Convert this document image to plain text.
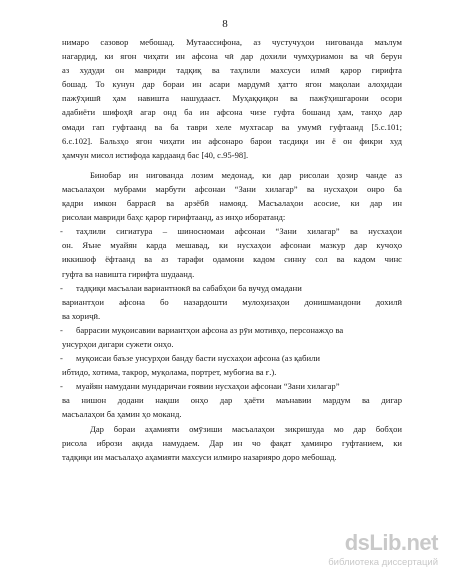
8
нимаро сазовор мебошад. Мутаассифона, аз чустучуҳои нигованда маълум
нагардид, ки ягон чиҳати ин афсона чӣ дар дохили чумҳуриамон ва чӣ берун
аз худуди он мавриди тадқиқ ва таҳлили махсуси илмӣ қарор гирифта
бошад. То кунун дар бораи ин асари мардумӣ ҳатто ягон мақолаи алоҳидаи
пажӯҳишӣ ҳам навишта нашудааст. Муҳаққиқон ва пажӯҳишгарони осори
адабиёти шифоҳӣ агар онд ба ин афсона чизе гуфта бошанд ҳам, танҳо дар
омади гап гуфтаанд ва ба таври хеле мухтасар ва умумӣ гуфтаанд [5.с.101;
6.с.102]. Бальзҳо ягон чиҳати ин афсонаро барои тасдиқи ин ё он фикри худ
ҳамчун мисол истифода кардаанд бас [40, с.95-98].
Бинобар ин нигованда лозим медонад, ки дар рисолаи ҳозир чанде аз
масъалаҳои мубрами марбути афсонаи “Зани хилагар” ва нусхаҳои онро ба
қадри имкон баррасӣ ва арзёбӣ намояд. Масъалаҳои асосие, ки дар ин
рисолаи мавриди баҳс қарор гирифтаанд, аз инҳо иборатанд:
- таҳлили сигиатура – шиносномаи афсонаи “Зани хилагар” ва нусхаҳои
он. Яъне муайян карда мешавад, ки нусхаҳои афсонаи мазкур дар кучоҳо
иккишоф ёфтаанд ва аз тарафи одамони кадом синну сол ва кадом чинс
гуфта ва навишта гирифта шудаанд.
- тадқиқи масъалаи вариантнокӣ ва сабабҳои ба вучуд омадани
вариантҳои афсона бо назардошти мулоҳизаҳои донишмандони дохилӣ
ва хориҷӣ.
- баррасии муқоисавии вариантҳои афсона аз рӯи мотивҳо, персонажҳо ва
унсурҳои дигари сужети онҳо.
- муқоисаи баъзе унсурҳои банду басти нусхаҳои афсона (аз қабили
ибтидо, хотима, такрор, муқолама, портрет, мубоғиа ва ғ.).
- муайян намудани мундаричаи ғоявии нусхаҳои афсонаи “Зани хилагар”
ва нишон додани нақши онҳо дар ҳаёти маънавии мардум ва дигар
масъалаҳои ба ҳамин ҳо моканд.
Дар бораи аҳамияти омӯзиши масъалаҳои зикришуда мо дар бобҳои
рисола ибрози ақида намудаем. Дар ин чо фақат ҳаминро гуфтанием, ки
тадқиқи ин масъалаҳо аҳамияти махсуси илмиро назарияро доро мебошад.
dsLib.net
библиотека диссертаций
